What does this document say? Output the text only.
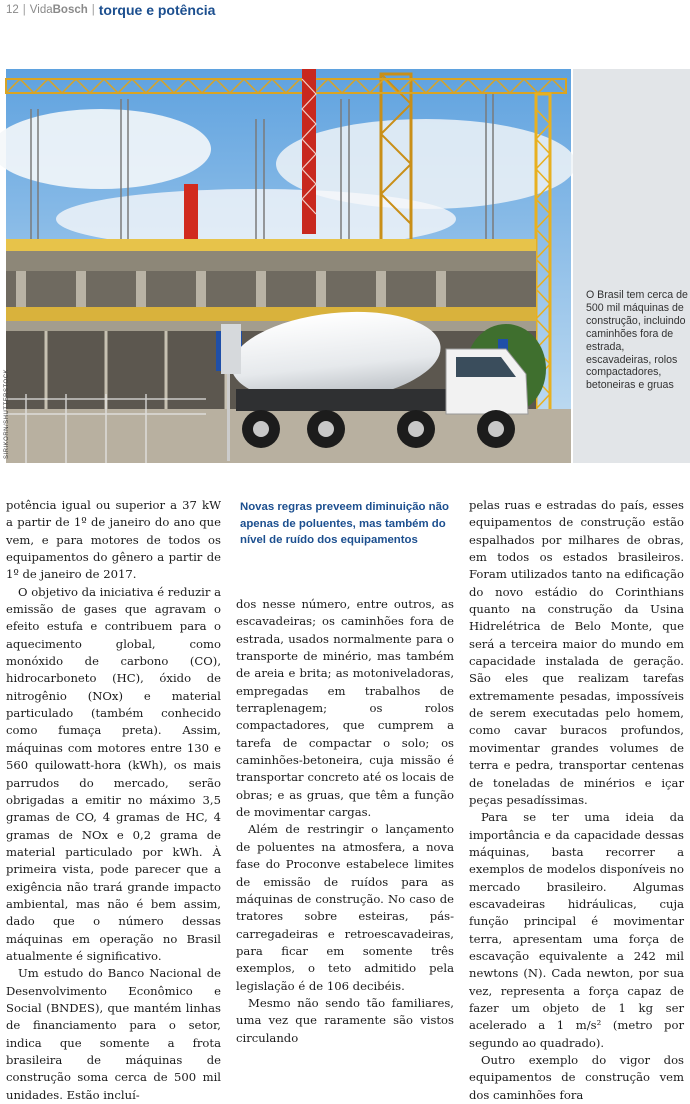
12 | VidaBosch | torque e potência
SIRIKORN/SHUTTERSTOCK
O Brasil tem cerca de 500 mil máquinas de construção, incluindo caminhões fora de estrada, escavadeiras, rolos compactadores, betoneiras e gruas

potência igual ou superior a 37 kW a partir de 1º de janeiro do ano que vem, e para motores de todos os equipamentos do gênero a partir de 1º de janeiro de 2017.

O objetivo da iniciativa é reduzir a emissão de gases que agravam o efeito estufa e contribuem para o aquecimento global, como monóxido de carbono (CO), hidrocarboneto (HC), óxido de nitrogênio (NOx) e material particulado (também conhecido como fumaça preta). Assim, máquinas com motores entre 130 e 560 quilowatt-hora (kWh), os mais parrudos do mercado, serão obrigadas a emitir no máximo 3,5 gramas de CO, 4 gramas de HC, 4 gramas de NOx e 0,2 grama de material particulado por kWh. À primeira vista, pode parecer que a exigência não trará grande impacto ambiental, mas não é bem assim, dado que o número dessas máquinas em operação no Brasil atualmente é significativo.

Um estudo do Banco Nacional de Desenvolvimento Econômico e Social (BNDES), que mantém linhas de financiamento para o setor, indica que somente a frota brasileira de máquinas de construção soma cerca de 500 mil unidades. Estão incluí-

Novas regras preveem diminuição não apenas de poluentes, mas também do nível de ruído dos equipamentos

dos nesse número, entre outros, as escavadeiras; os caminhões fora de estrada, usados normalmente para o transporte de minério, mas também de areia e brita; as motoniveladoras, empregadas em trabalhos de terraplenagem; os rolos compactadores, que cumprem a tarefa de compactar o solo; os caminhões-betoneira, cuja missão é transportar concreto até os locais de obras; e as gruas, que têm a função de movimentar cargas.

Além de restringir o lançamento de poluentes na atmosfera, a nova fase do Proconve estabelece limites de emissão de ruídos para as máquinas de construção. No caso de tratores sobre esteiras, pás-carregadeiras e retroescavadeiras, para ficar em somente três exemplos, o teto admitido pela legislação é de 106 decibéis.

Mesmo não sendo tão familiares, uma vez que raramente são vistos circulando

pelas ruas e estradas do país, esses equipamentos de construção estão espalhados por milhares de obras, em todos os estados brasileiros. Foram utilizados tanto na edificação do novo estádio do Corinthians quanto na construção da Usina Hidrelétrica de Belo Monte, que será a terceira maior do mundo em capacidade instalada de geração. São eles que realizam tarefas extremamente pesadas, impossíveis de serem executadas pelo homem, como cavar buracos profundos, movimentar grandes volumes de terra e pedra, transportar centenas de toneladas de minérios e içar peças pesadíssimas.

Para se ter uma ideia da importância e da capacidade dessas máquinas, basta recorrer a exemplos de modelos disponíveis no mercado brasileiro. Algumas escavadeiras hidráulicas, cuja função principal é movimentar terra, apresentam uma força de escavação equivalente a 242 mil newtons (N). Cada newton, por sua vez, representa a força capaz de fazer um objeto de 1 kg ser acelerado a 1 m/s² (metro por segundo ao quadrado).

Outro exemplo do vigor dos equipamentos de construção vem dos caminhões fora
